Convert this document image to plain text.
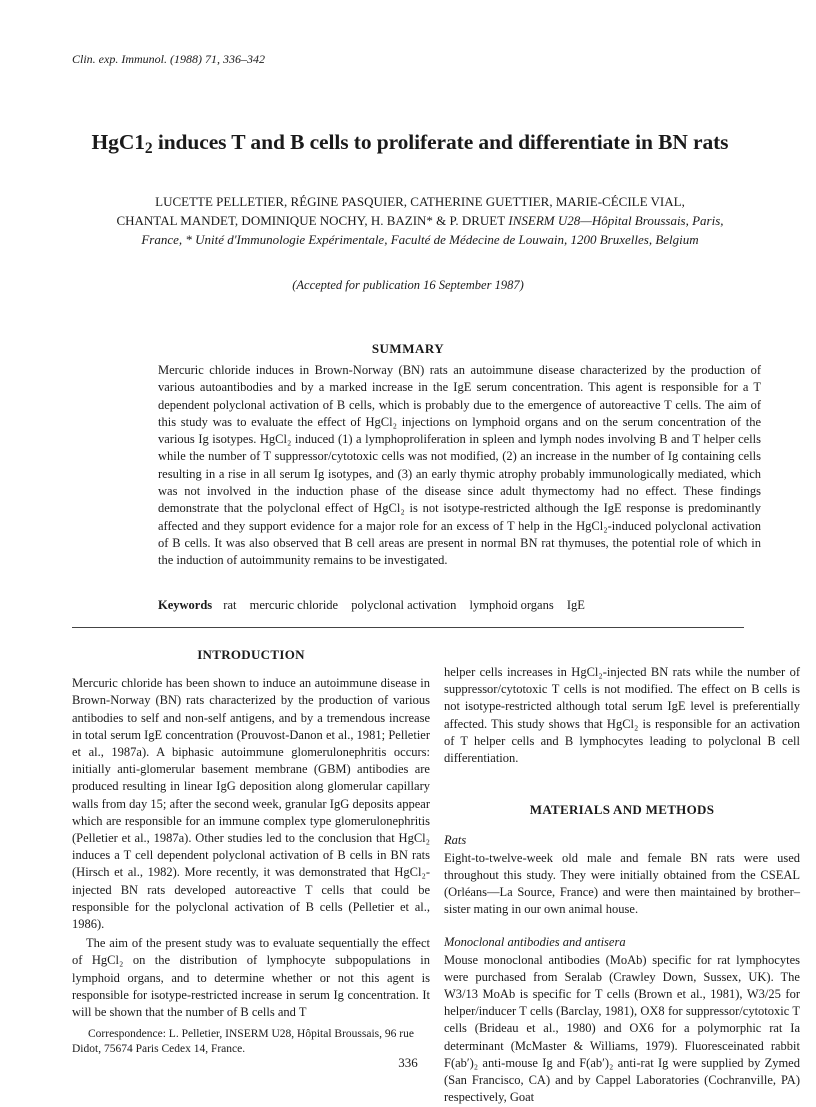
Clin. exp. Immunol. (1988) 71, 336–342
$HgC1_2$ induces T and B cells to proliferate and differentiate in BN rats
LUCETTE PELLETIER, RÉGINE PASQUIER, CATHERINE GUETTIER, MARIE-CÉCILE VIAL,
CHANTAL MANDET, DOMINIQUE NOCHY, H. BAZIN* & P. DRUET INSERM U28—Hôpital Broussais, Paris,
France, * Unité d'Immunologie Expérimentale, Faculté de Médecine de Louwain, 1200 Bruxelles, Belgium
(Accepted for publication 16 September 1987)
SUMMARY
Mercuric chloride induces in Brown-Norway (BN) rats an autoimmune disease characterized by the production of various autoantibodies and by a marked increase in the IgE serum concentration. This agent is responsible for a T dependent polyclonal activation of B cells, which is probably due to the emergence of autoreactive T cells. The aim of this study was to evaluate the effect of HgCl₂ injections on lymphoid organs and on the serum concentration of the various Ig isotypes. HgCl₂ induced (1) a lymphoproliferation in spleen and lymph nodes involving B and T helper cells while the number of T suppressor/cytotoxic cells was not modified, (2) an increase in the number of Ig containing cells resulting in a rise in all serum Ig isotypes, and (3) an early thymic atrophy probably immunologically mediated, which was not involved in the induction phase of the disease since adult thymectomy had no effect. These findings demonstrate that the polyclonal effect of HgCl₂ is not isotype-restricted although the IgE response is predominantly affected and they support evidence for a major role for an excess of T help in the HgCl₂-induced polyclonal activation of B cells. It was also observed that B cell areas are present in normal BN rat thymuses, the potential role of which in the induction of autoimmunity remains to be investigated.
Keywords rat mercuric chloride polyclonal activation lymphoid organs IgE
INTRODUCTION

Mercuric chloride has been shown to induce an autoimmune disease in Brown-Norway (BN) rats characterized by the production of various antibodies to self and non-self antigens, and by a tremendous increase in total serum IgE concentration (Prouvost-Danon et al., 1981; Pelletier et al., 1987a). A biphasic autoimmune glomerulonephritis occurs: initially anti-glomerular basement membrane (GBM) antibodies are produced resulting in linear IgG deposition along glomerular capillary walls from day 15; after the second week, granular IgG deposits appear which are responsible for an immune complex type glomerulonephritis (Pelletier et al., 1987a). Other studies led to the conclusion that HgCl₂ induces a T cell dependent polyclonal activation of B cells in BN rats (Hirsch et al., 1982). More recently, it was demonstrated that HgCl₂-injected BN rats developed autoreactive T cells that could be responsible for the polyclonal activation of B cells (Pelletier et al., 1986).

The aim of the present study was to evaluate sequentially the effect of HgCl₂ on the distribution of lymphocyte subpopulations in lymphoid organs, and to determine whether or not this agent is responsible for isotype-restricted increase in serum Ig concentration. It will be shown that the number of B cells and T

helper cells increases in HgCl₂-injected BN rats while the number of suppressor/cytotoxic T cells is not modified. The effect on B cells is not isotype-restricted although total serum IgE level is preferentially affected. This study shows that HgCl₂ is responsible for an activation of T helper cells and B lymphocytes leading to polyclonal B cell differentiation.

MATERIALS AND METHODS
Rats

Eight-to-twelve-week old male and female BN rats were used throughout this study. They were initially obtained from the CSEAL (Orléans—La Source, France) and were then maintained by brother–sister mating in our own animal house.

Monoclonal antibodies and antisera

Mouse monoclonal antibodies (MoAb) specific for rat lymphocytes were purchased from Seralab (Crawley Down, Sussex, UK). The W3/13 MoAb is specific for T cells (Brown et al., 1981), W3/25 for helper/inducer T cells (Barclay, 1981), OX8 for suppressor/cytotoxic T cells (Brideau et al., 1980) and OX6 for a polymorphic rat Ia determinant (McMaster & Williams, 1979). Fluoresceinated rabbit F(ab′)₂ anti-mouse Ig and F(ab′)₂ anti-rat Ig were supplied by Zymed (San Francisco, CA) and by Cappel Laboratories (Cochranville, PA) respectively, Goat

Correspondence: L. Pelletier, INSERM U28, Hôpital Broussais, 96 rue Didot, 75674 Paris Cedex 14, France.
336
